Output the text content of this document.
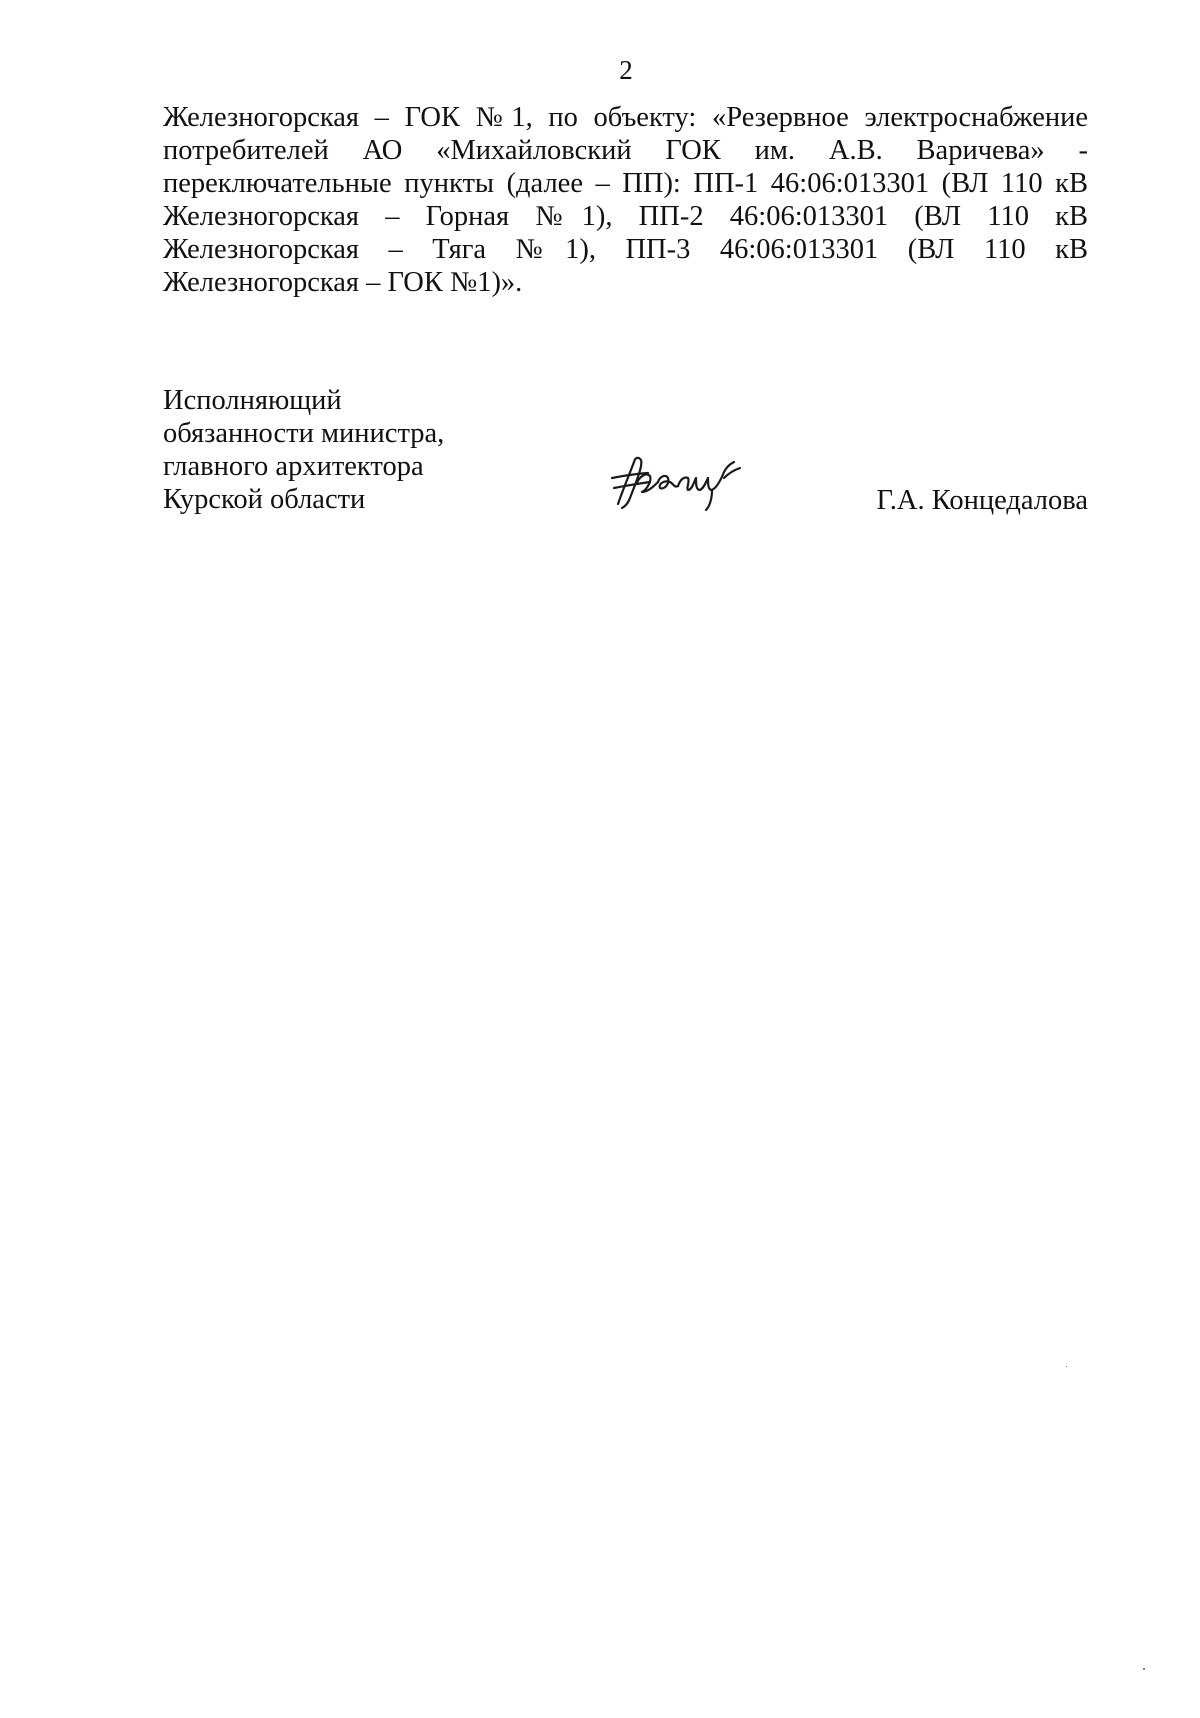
2
Железногорская – ГОК №1, по объекту: «Резервное электроснабжение
потребителей АО «Михайловский ГОК им. А.В. Варичева» -
переключательные пункты (далее – ПП): ПП-1 46:06:013301 (ВЛ 110 кВ
Железногорская – Горная №1), ПП-2 46:06:013301 (ВЛ 110 кВ
Железногорская – Тяга №1), ПП-3 46:06:013301 (ВЛ 110 кВ
Железногорская – ГОК №1)».
Исполняющий
обязанности министра,
главного архитектора
Курской области	Г.А. Концедалова
